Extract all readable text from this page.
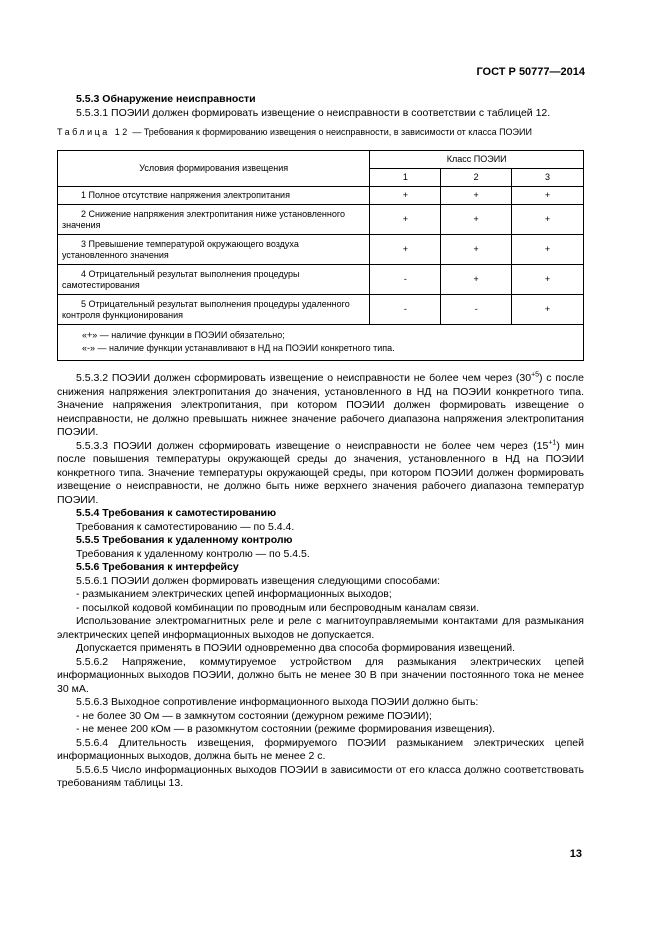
ГОСТ Р 50777—2014

5.5.3 Обнаружение неисправности

5.5.3.1 ПОЭИИ должен формировать извещение о неисправности в соответствии с таблицей 12.

Таблица 12 — Требования к формированию извещения о неисправности, в зависимости от класса ПОЭИИ
Условия формирования извещения	Класс ПОЭИИ		
	1	2	3
1 Полное отсутствие напряжения электропитания	+	+	+
2 Снижение напряжения электропитания ниже установленного значения	+	+	+
3 Превышение температурой окружающего воздуха установленного значения	+	+	+
4 Отрицательный результат выполнения процедуры самотестирования	-	+	+
5 Отрицательный результат выполнения процедуры удаленного контроля функционирования	-	-	+

«+» — наличие функции в ПОЭИИ обязательно;
«-» — наличие функции устанавливают в НД на ПОЭИИ конкретного типа.			

5.5.3.2 ПОЭИИ должен сформировать извещение о неисправности не более чем через $(30^{+5})$ с после снижения напряжения электропитания до значения, установленного в НД на ПОЭИИ конкретного типа. Значение напряжения электропитания, при котором ПОЭИИ должен формировать извещение о неисправности, не должно превышать нижнее значение рабочего диапазона напряжения электропитания ПОЭИИ.

5.5.3.3 ПОЭИИ должен сформировать извещение о неисправности не более чем через $(15^{+1})$ мин после повышения температуры окружающей среды до значения, установленного в НД на ПОЭИИ конкретного типа. Значение температуры окружающей среды, при котором ПОЭИИ должен формировать извещение о неисправности, не должно быть ниже верхнего значения рабочего диапазона температур ПОЭИИ.

5.5.4 Требования к самотестированию

Требования к самотестированию — по 5.4.4.

5.5.5 Требования к удаленному контролю

Требования к удаленному контролю — по 5.4.5.

5.5.6 Требования к интерфейсу

5.5.6.1 ПОЭИИ должен формировать извещения следующими способами:

- размыканием электрических цепей информационных выходов;

- посылкой кодовой комбинации по проводным или беспроводным каналам связи.

Использование электромагнитных реле и реле с магнитоуправляемыми контактами для размыкания электрических цепей информационных выходов не допускается.

Допускается применять в ПОЭИИ одновременно два способа формирования извещений.

5.5.6.2 Напряжение, коммутируемое устройством для размыкания электрических цепей информационных выходов ПОЭИИ, должно быть не менее 30 В при значении постоянного тока не менее 30 мА.

5.5.6.3 Выходное сопротивление информационного выхода ПОЭИИ должно быть:

- не более 30 Ом — в замкнутом состоянии (дежурном режиме ПОЭИИ);

- не менее 200 кОм — в разомкнутом состоянии (режиме формирования извещения).

5.5.6.4 Длительность извещения, формируемого ПОЭИИ размыканием электрических цепей информационных выходов, должна быть не менее 2 с.

5.5.6.5 Число информационных выходов ПОЭИИ в зависимости от его класса должно соответствовать требованиям таблицы 13.

13
